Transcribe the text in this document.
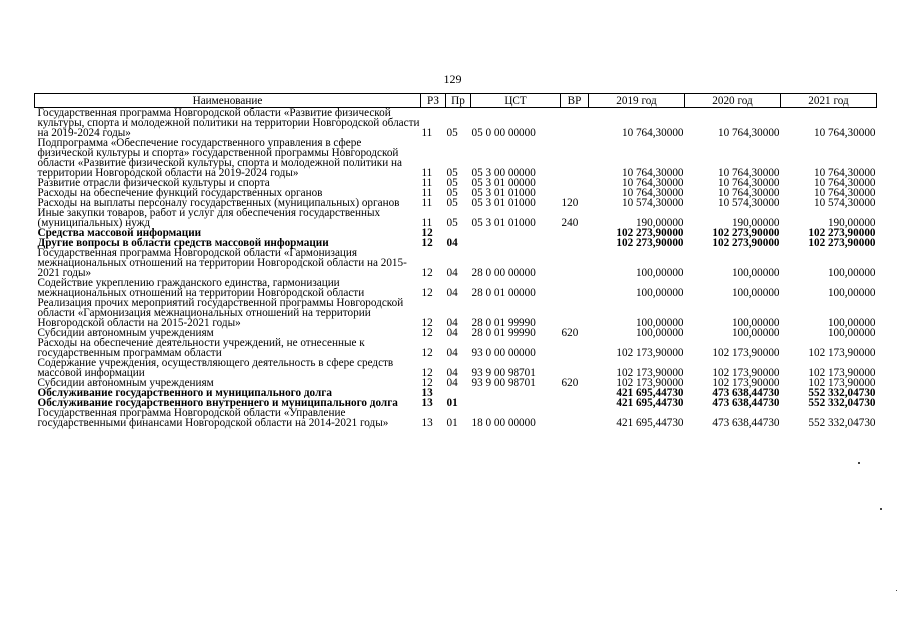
129
Наименование	РЗ	Пр	ЦСТ	ВР	2019 год	2020 год	2021 год
Государственная программа Новгородской области «Развитие физической культуры, спорта и молодежной политики на территории Новгородской области на 2019-2024 годы»	11	05	05 0 00 00000		10 764,30000	10 764,30000	10 764,30000
Подпрограмма «Обеспечение государственного управления в сфере физической культуры и спорта» государственной программы Новгородской области «Развитие физической культуры, спорта и молодежной политики на территории Новгородской области на 2019-2024 годы»	11	05	05 3 00 00000		10 764,30000	10 764,30000	10 764,30000
Развитие отрасли физической культуры и спорта	11	05	05 3 01 00000		10 764,30000	10 764,30000	10 764,30000
Расходы на обеспечение функций государственных органов	11	05	05 3 01 01000		10 764,30000	10 764,30000	10 764,30000
Расходы на выплаты персоналу государственных (муниципальных) органов	11	05	05 3 01 01000	120	10 574,30000	10 574,30000	10 574,30000
Иные закупки товаров, работ и услуг для обеспечения государственных (муниципальных) нужд	11	05	05 3 01 01000	240	190,00000	190,00000	190,00000
Средства массовой информации	12				102 273,90000	102 273,90000	102 273,90000
Другие вопросы в области средств массовой информации	12	04			102 273,90000	102 273,90000	102 273,90000
Государственная программа Новгородской области «Гармонизация межнациональных отношений на территории Новгородской области на 2015-2021 годы»	12	04	28 0 00 00000		100,00000	100,00000	100,00000
Содействие укреплению гражданского единства, гармонизации межнациональных отношений на территории Новгородской области	12	04	28 0 01 00000		100,00000	100,00000	100,00000
Реализация прочих мероприятий государственной программы Новгородской области «Гармонизация межнациональных отношений на территории Новгородской области на 2015-2021 годы»	12	04	28 0 01 99990		100,00000	100,00000	100,00000
Субсидии автономным учреждениям	12	04	28 0 01 99990	620	100,00000	100,00000	100,00000
Расходы на обеспечение деятельности учреждений, не отнесенные к государственным программам области	12	04	93 0 00 00000		102 173,90000	102 173,90000	102 173,90000
Содержание учреждения, осуществляющего деятельность в сфере средств массовой информации	12	04	93 9 00 98701		102 173,90000	102 173,90000	102 173,90000
Субсидии автономным учреждениям	12	04	93 9 00 98701	620	102 173,90000	102 173,90000	102 173,90000
Обслуживание государственного и муниципального долга	13				421 695,44730	473 638,44730	552 332,04730
Обслуживание государственного внутреннего и муниципального долга	13	01			421 695,44730	473 638,44730	552 332,04730
Государственная программа Новгородской области «Управление государственными финансами Новгородской области на 2014-2021 годы»	13	01	18 0 00 00000		421 695,44730	473 638,44730	552 332,04730
